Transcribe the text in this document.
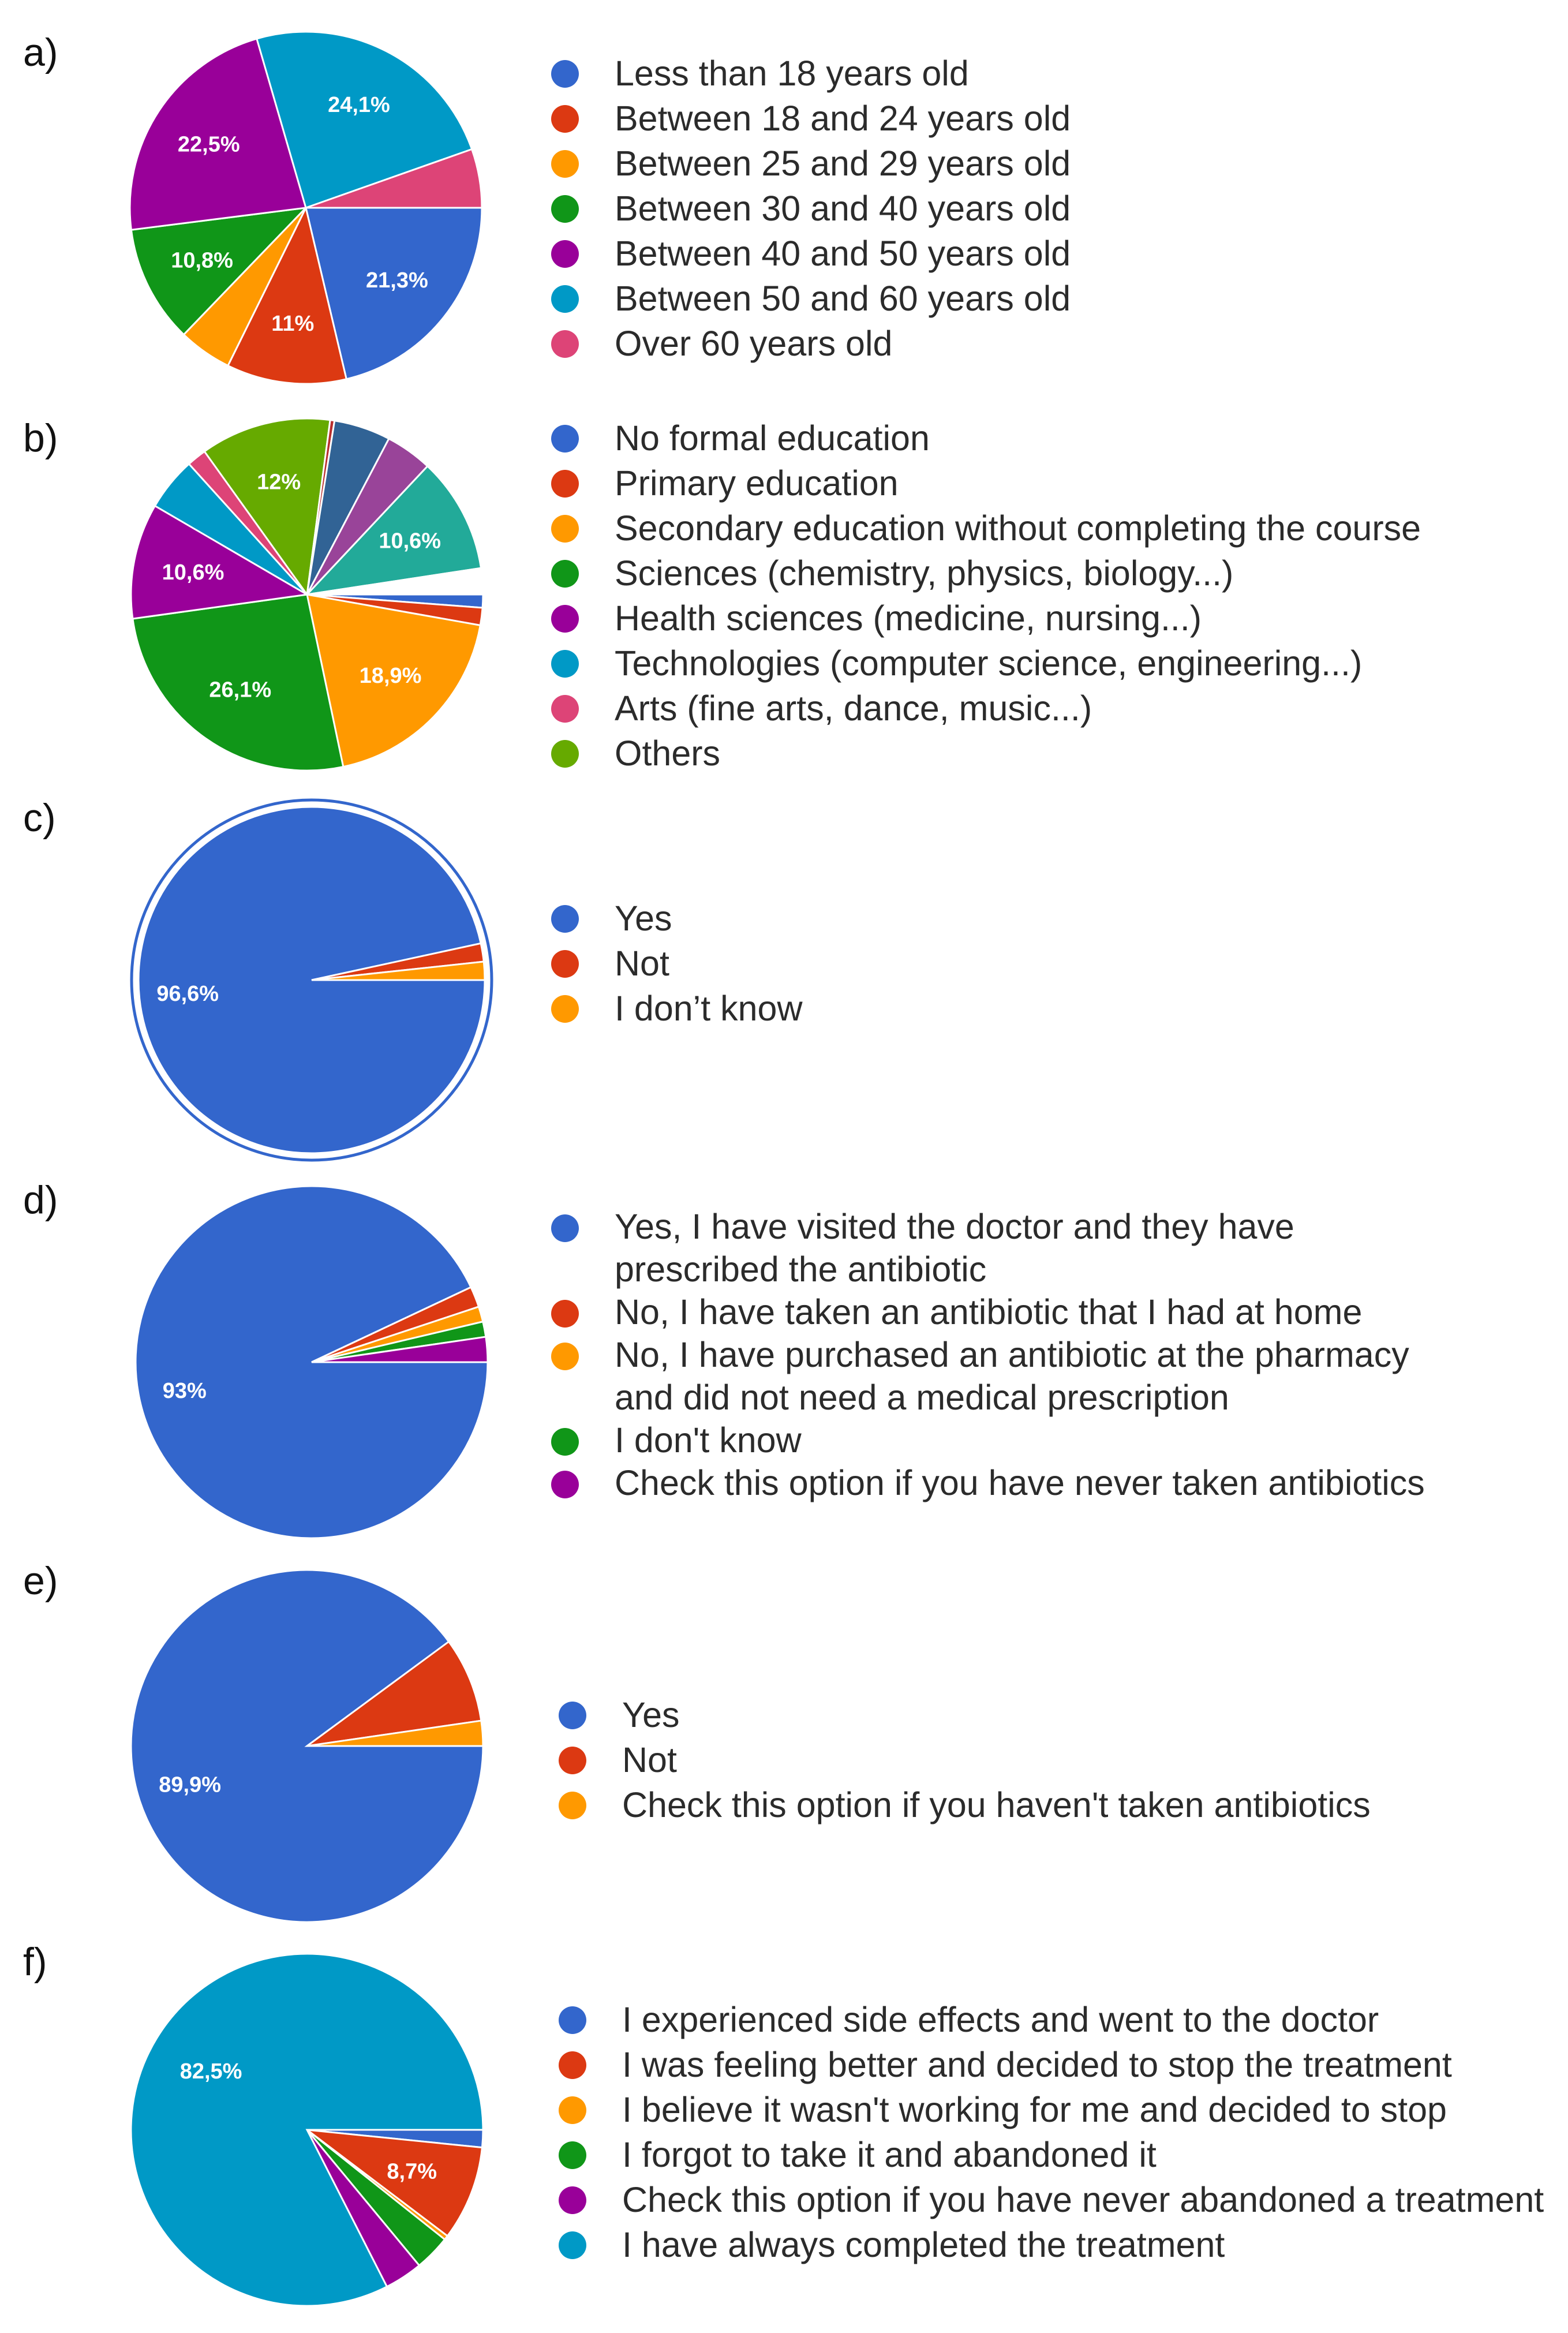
a)
21,3%
11%
10,8%
22,5%
24,1%
Less than 18 years old
Between 18 and 24 years old
Between 25 and 29 years old
Between 30 and 40 years old
Between 40 and 50 years old
Between 50 and 60 years old
Over 60 years old
b)
18,9%
26,1%
10,6%
12%
10,6%
No formal education
Primary education
Secondary education without completing the course
Sciences (chemistry, physics, biology...)
Health sciences (medicine, nursing...)
Technologies (computer science, engineering...)
Arts (fine arts, dance, music...)
Others
c)
96,6%
Yes
Not
I don’t know
d)
93%
Yes, I have visited the doctor and they have prescribed the antibiotic
No, I have taken an antibiotic that I had at home
No, I have purchased an antibiotic at the pharmacy and did not need a medical prescription
I don't know
Check this option if you have never taken antibiotics
e)
89,9%
Yes
Not
Check this option if you haven't taken antibiotics
f)
8,7%
82,5%
I experienced side effects and went to the doctor
I was feeling better and decided to stop the treatment
I believe it wasn't working for me and decided to stop
I forgot to take it and abandoned it
Check this option if you have never abandoned a treatment
I have always completed the treatment
